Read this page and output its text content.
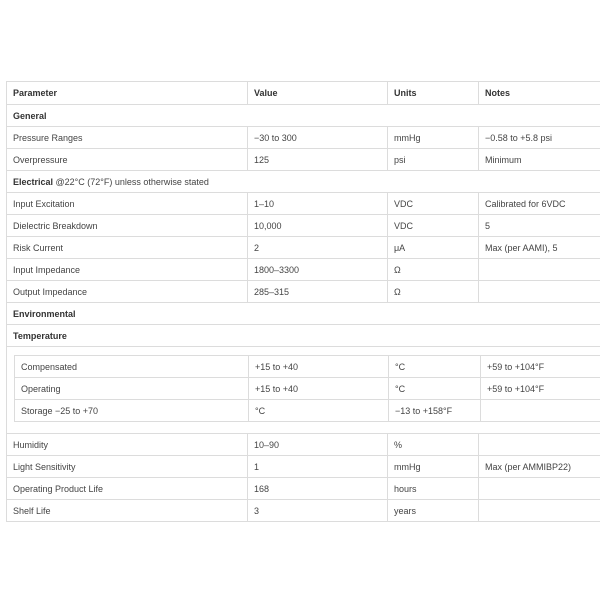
Parameter	Value	Units	Notes
General
Pressure Ranges	−30 to 300	mmHg	−0.58 to +5.8 psi
Overpressure	125	psi	Minimum
Electrical @22°C (72°F) unless otherwise stated
Input Excitation	1–10	VDC	Calibrated for 6VDC
Dielectric Breakdown	10,000	VDC	5
Risk Current	2	μA	Max (per AAMI), 5
Input Impedance	1800–3300	Ω
Output Impedance	285–315	Ω
Environmental
Temperature
Compensated	+15 to +40	°C	+59 to +104°F
Operating	+15 to +40	°C	+59 to +104°F
Storage −25 to +70	°C	−13 to +158°F
Humidity	10–90	%
Light Sensitivity	1	mmHg	Max (per AMMIBP22)
Operating Product Life	168	hours
Shelf Life	3	years
